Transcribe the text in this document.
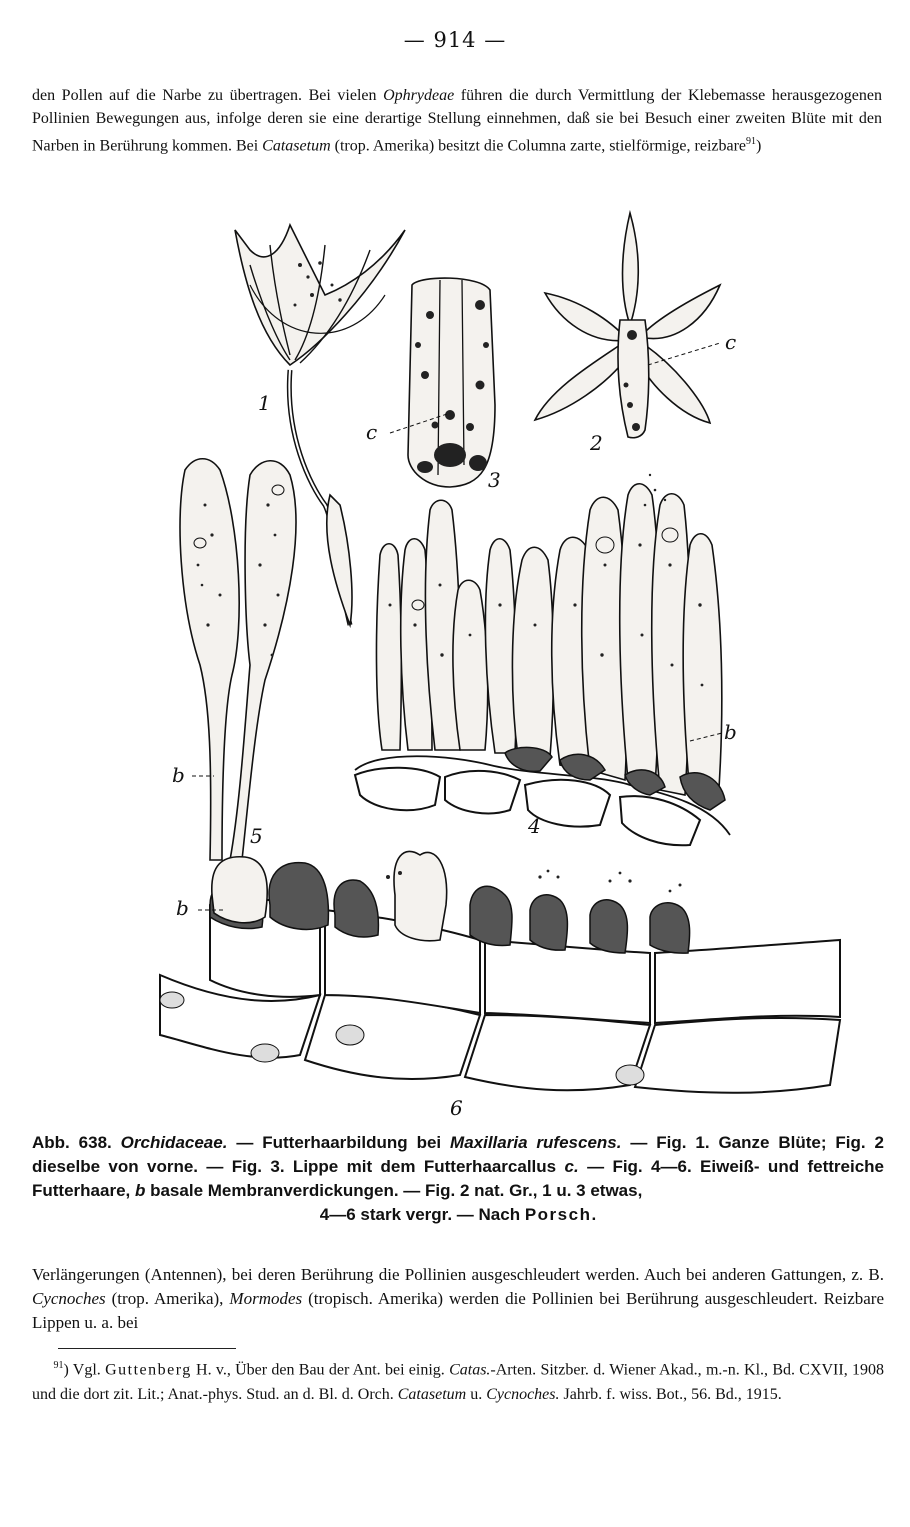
— 914 —
den Pollen auf die Narbe zu übertragen. Bei vielen Ophrydeae führen die durch Vermittlung der Klebemasse herausgezogenen Pollinien Bewegungen aus, infolge deren sie eine derartige Stellung einnehmen, daß sie bei Besuch einer zweiten Blüte mit den Narben in Berührung kommen. Bei Catasetum (trop. Amerika) besitzt die Columna zarte, stielförmige, reizbare$^{91}$)
1
c
3
c
2
b
5
b
4
b
6
Abb. 638. Orchidaceae. — Futterhaarbildung bei Maxillaria rufescens. — Fig. 1. Ganze Blüte; Fig. 2 dieselbe von vorne. — Fig. 3. Lippe mit dem Futterhaarcallus c. — Fig. 4—6. Eiweiß- und fettreiche Futterhaare, b basale Membranverdickungen. — Fig. 2 nat. Gr., 1 u. 3 etwas,
4—6 stark vergr. — Nach Porsch.
Verlängerungen (Antennen), bei deren Berührung die Pollinien ausgeschleudert werden. Auch bei anderen Gattungen, z. B. Cycnoches (trop. Amerika), Mormodes (tropisch. Amerika) werden die Pollinien bei Berührung ausgeschleudert. Reizbare Lippen u. a. bei
$^{91}$) Vgl. Guttenberg H. v., Über den Bau der Ant. bei einig. Catas.-Arten. Sitzber. d. Wiener Akad., m.-n. Kl., Bd. CXVII, 1908 und die dort zit. Lit.; Anat.-phys. Stud. an d. Bl. d. Orch. Catasetum u. Cycnoches. Jahrb. f. wiss. Bot., 56. Bd., 1915.
